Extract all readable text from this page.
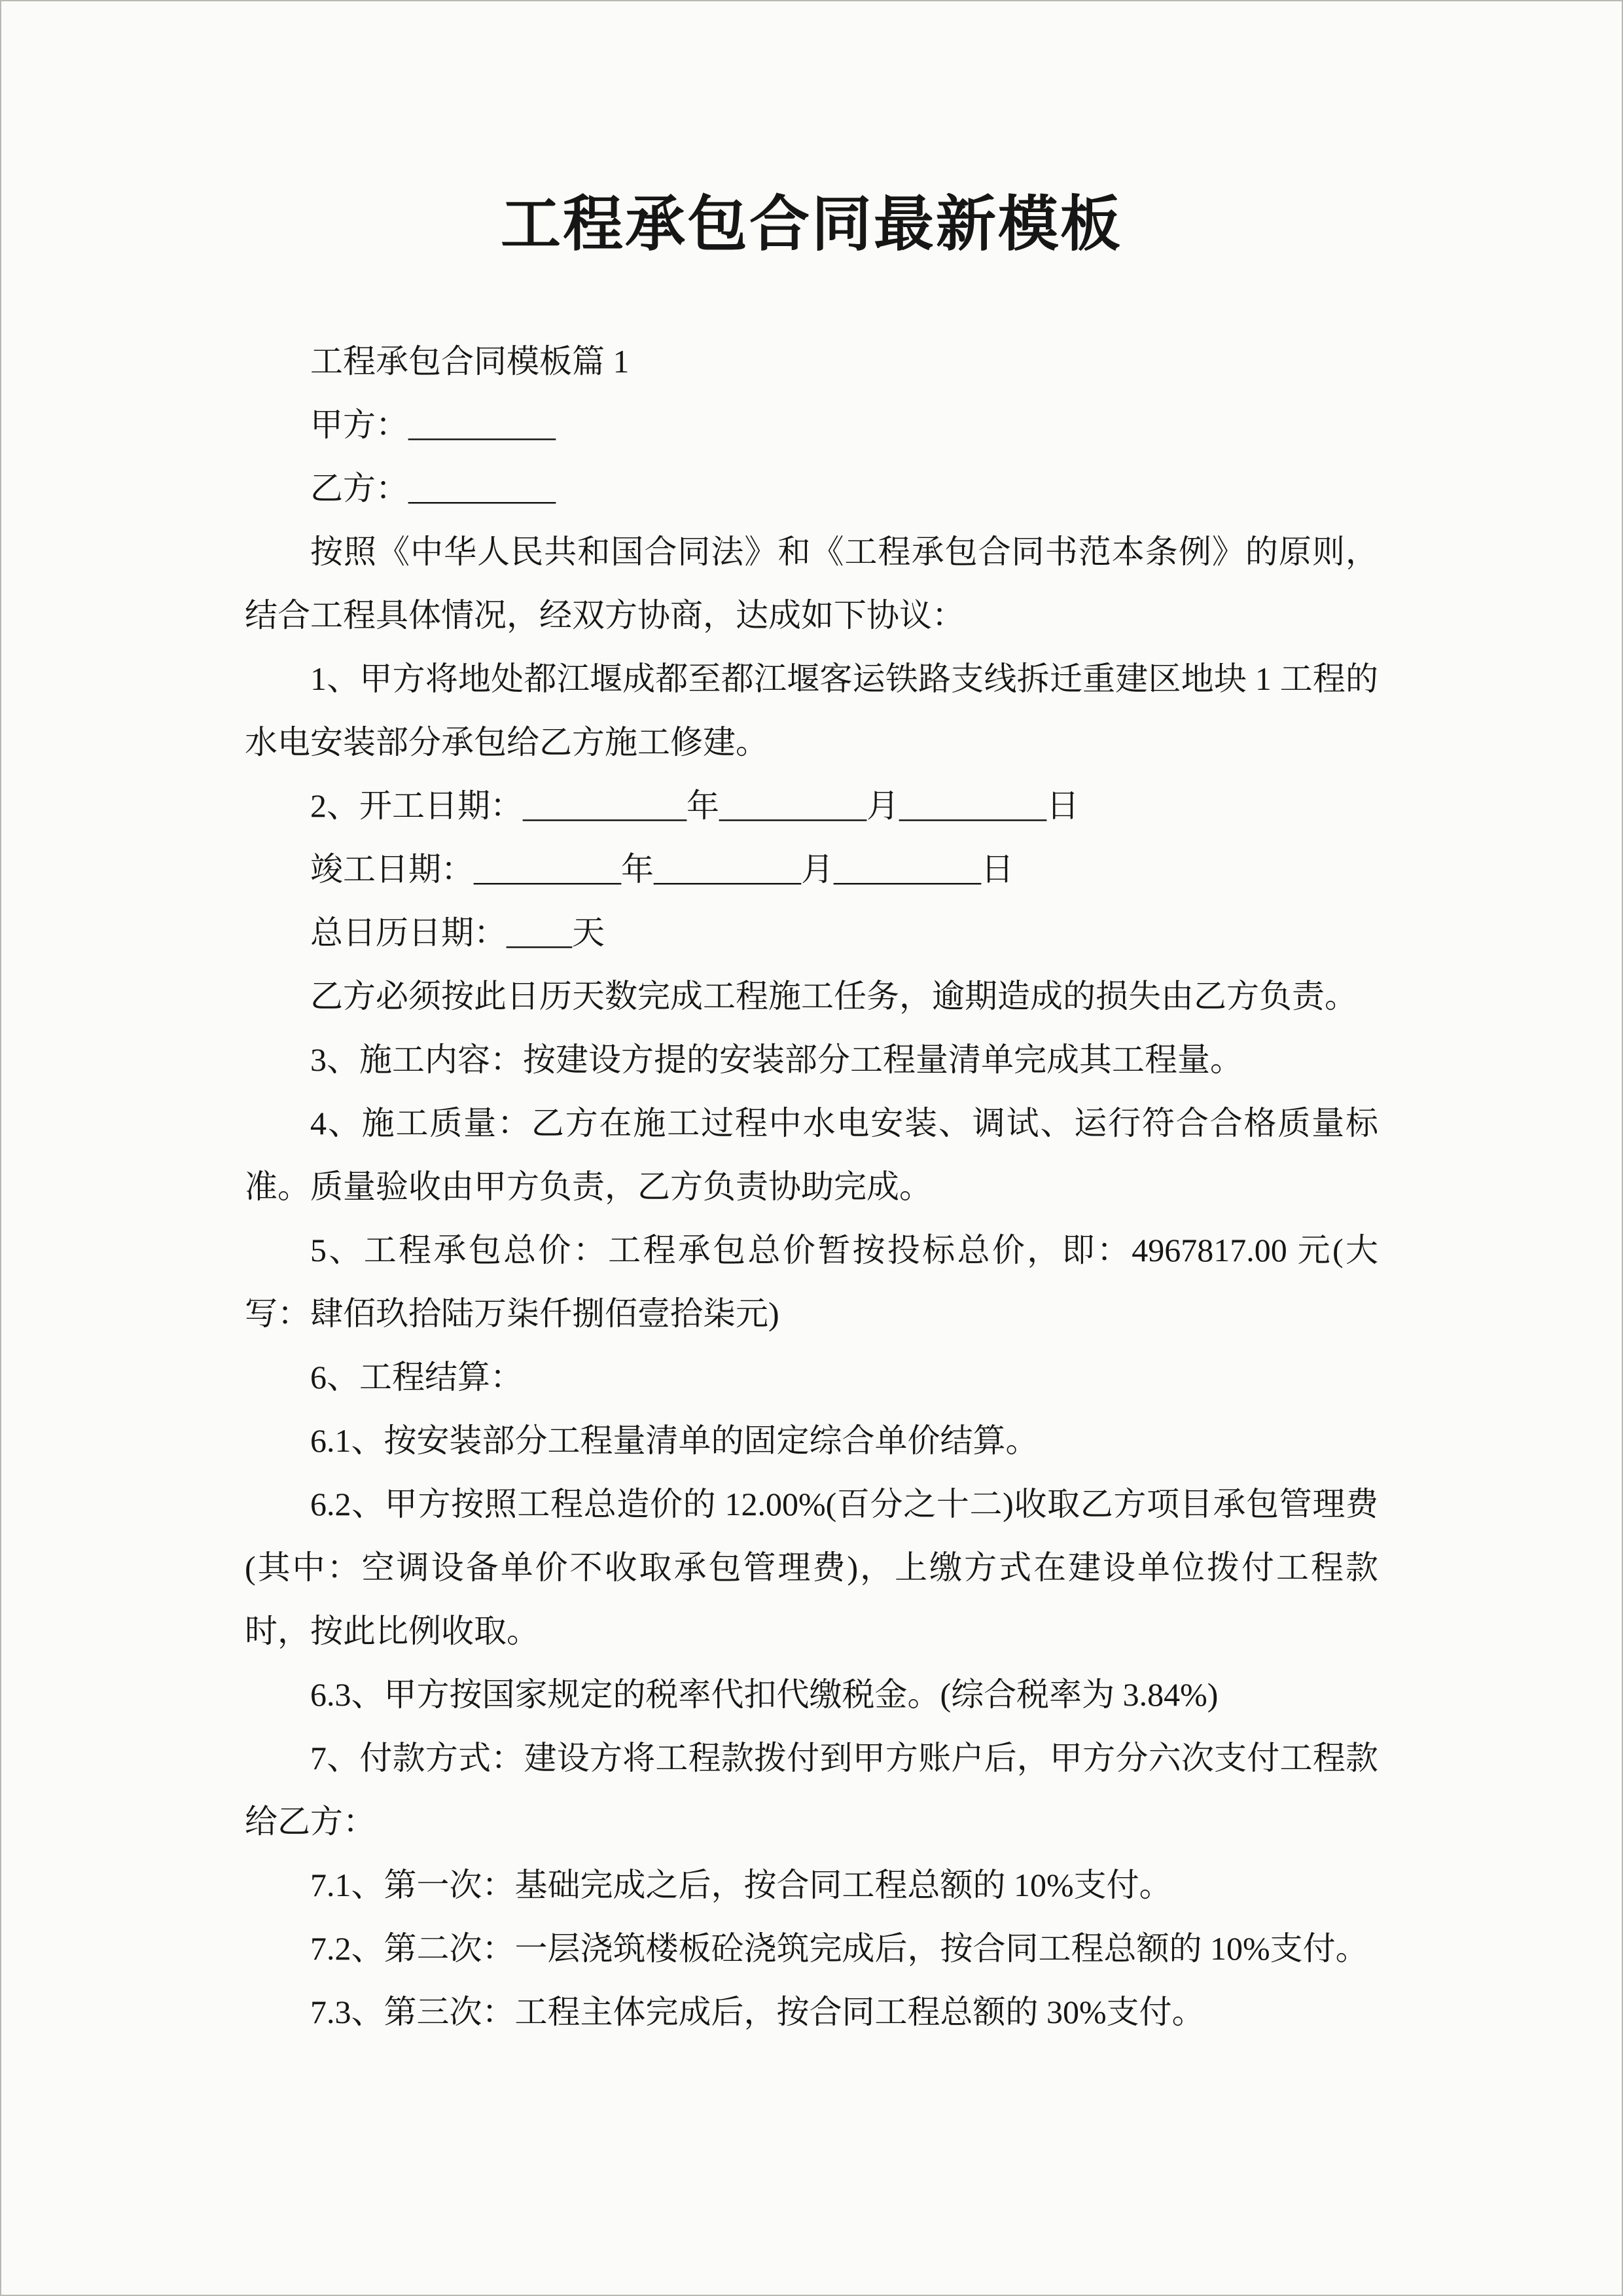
工程承包合同最新模板

工程承包合同模板篇 1

甲方：_________

乙方：_________

按照《中华人民共和国合同法》和《工程承包合同书范本条例》的原则，结合工程具体情况，经双方协商，达成如下协议：

1、甲方将地处都江堰成都至都江堰客运铁路支线拆迁重建区地块 1 工程的水电安装部分承包给乙方施工修建。

2、开工日期：__________年_________月_________日

竣工日期：_________年_________月_________日

总日历日期：____天

乙方必须按此日历天数完成工程施工任务，逾期造成的损失由乙方负责。

3、施工内容：按建设方提的安装部分工程量清单完成其工程量。

4、施工质量：乙方在施工过程中水电安装、调试、运行符合合格质量标准。质量验收由甲方负责，乙方负责协助完成。

5、工程承包总价：工程承包总价暂按投标总价，即：4967817.00 元(大写：肆佰玖拾陆万柒仟捌佰壹拾柒元)

6、工程结算：

6.1、按安装部分工程量清单的固定综合单价结算。

6.2、甲方按照工程总造价的 12.00%(百分之十二)收取乙方项目承包管理费(其中：空调设备单价不收取承包管理费)，上缴方式在建设单位拨付工程款时，按此比例收取。

6.3、甲方按国家规定的税率代扣代缴税金。(综合税率为 3.84%)

7、付款方式：建设方将工程款拨付到甲方账户后，甲方分六次支付工程款给乙方：

7.1、第一次：基础完成之后，按合同工程总额的 10%支付。

7.2、第二次：一层浇筑楼板砼浇筑完成后，按合同工程总额的 10%支付。

7.3、第三次：工程主体完成后，按合同工程总额的 30%支付。
